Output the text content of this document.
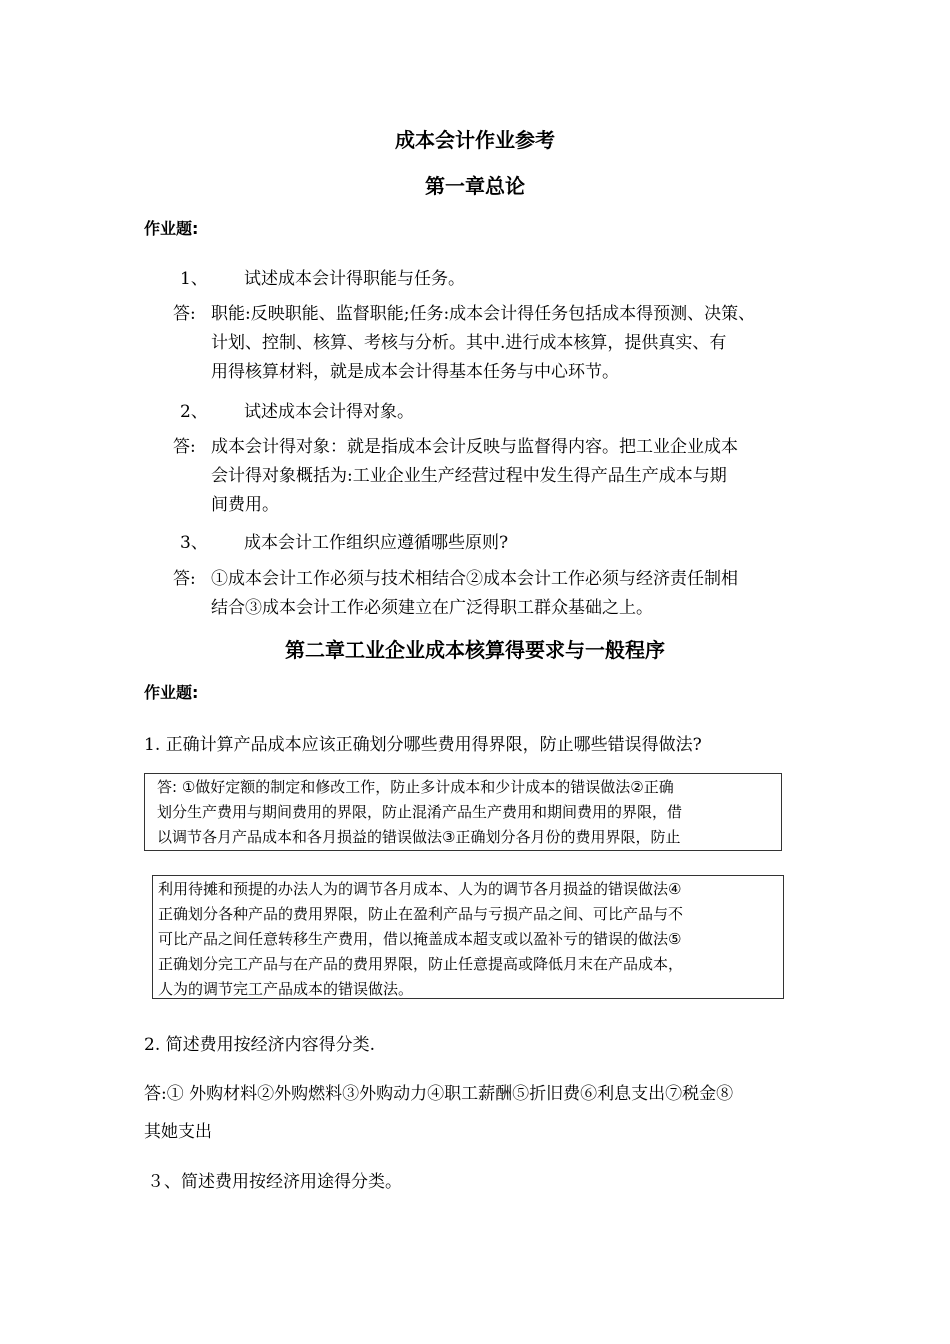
成本会计作业参考
第一章总论
作业题:
1、 试述成本会计得职能与任务。
答: 职能:反映职能、监督职能;任务:成本会计得任务包括成本得预测、决策、
计划、控制、核算、考核与分析。其中.进行成本核算，提供真实、有
用得核算材料，就是成本会计得基本任务与中心环节。
2、 试述成本会计得对象。
答: 成本会计得对象：就是指成本会计反映与监督得内容。把工业企业成本
会计得对象概括为:工业企业生产经营过程中发生得产品生产成本与期
间费用。
3、 成本会计工作组织应遵循哪些原则?
答: ①成本会计工作必须与技术相结合②成本会计工作必须与经济责任制相
结合③成本会计工作必须建立在广泛得职工群众基础之上。
第二章工业企业成本核算得要求与一般程序
作业题:
1. 正确计算产品成本应该正确划分哪些费用得界限，防止哪些错误得做法?
答: ①做好定额的制定和修改工作，防止多计成本和少计成本的错误做法②正确
划分生产费用与期间费用的界限，防止混淆产品生产费用和期间费用的界限，借
以调节各月产品成本和各月损益的错误做法③正确划分各月份的费用界限，防止
利用待摊和预提的办法人为的调节各月成本、人为的调节各月损益的错误做法④
正确划分各种产品的费用界限，防止在盈利产品与亏损产品之间、可比产品与不
可比产品之间任意转移生产费用，借以掩盖成本超支或以盈补亏的错误的做法⑤
正确划分完工产品与在产品的费用界限，防止任意提高或降低月末在产品成本，
人为的调节完工产品成本的错误做法。
2. 简述费用按经济内容得分类.
答:① 外购材料②外购燃料③外购动力④职工薪酬⑤折旧费⑥利息支出⑦税金⑧
其她支出
３、简述费用按经济用途得分类。
